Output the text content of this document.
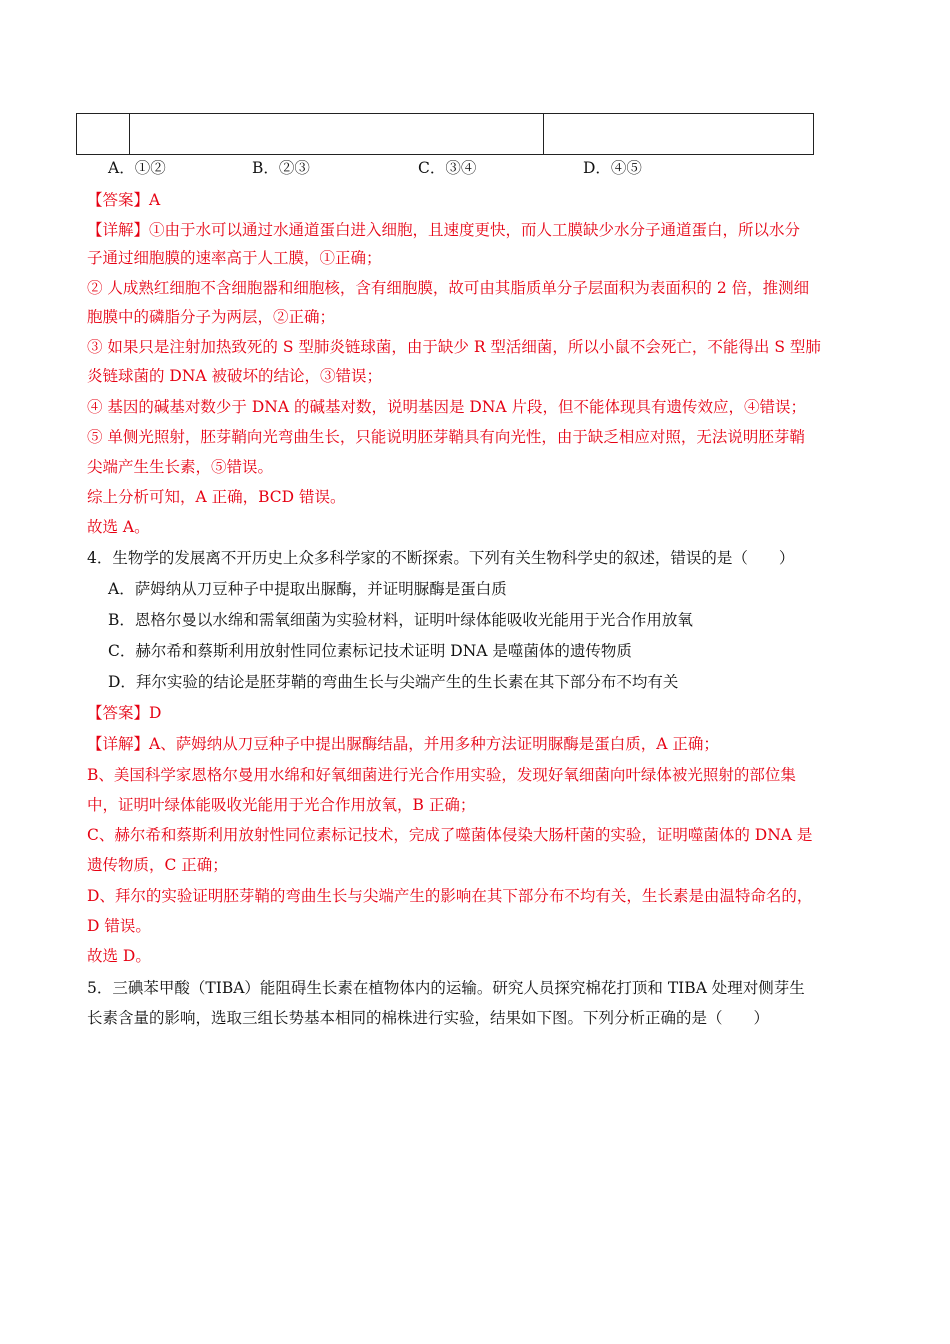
A．①②	B．②③	C．③④	D．④⑤
【答案】A
【详解】①由于水可以通过水通道蛋白进入细胞，且速度更快，而人工膜缺少水分子通道蛋白，所以水分
子通过细胞膜的速率高于人工膜，①正确；
② 人成熟红细胞不含细胞器和细胞核，含有细胞膜，故可由其脂质单分子层面积为表面积的 2 倍，推测细
胞膜中的磷脂分子为两层，②正确；
③ 如果只是注射加热致死的 S 型肺炎链球菌，由于缺少 R 型活细菌，所以小鼠不会死亡，不能得出 S 型肺
炎链球菌的 DNA 被破坏的结论，③错误；
④ 基因的碱基对数少于 DNA 的碱基对数，说明基因是 DNA 片段，但不能体现具有遗传效应，④错误；
⑤ 单侧光照射，胚芽鞘向光弯曲生长，只能说明胚芽鞘具有向光性，由于缺乏相应对照，无法说明胚芽鞘
尖端产生生长素，⑤错误。
综上分析可知，A 正确，BCD 错误。
故选 A。
4．生物学的发展离不开历史上众多科学家的不断探索。下列有关生物科学史的叙述，错误的是（　　）
A．萨姆纳从刀豆种子中提取出脲酶，并证明脲酶是蛋白质
B．恩格尔曼以水绵和需氧细菌为实验材料，证明叶绿体能吸收光能用于光合作用放氧
C．赫尔希和蔡斯利用放射性同位素标记技术证明 DNA 是噬菌体的遗传物质
D．拜尔实验的结论是胚芽鞘的弯曲生长与尖端产生的生长素在其下部分布不均有关
【答案】D
【详解】A、萨姆纳从刀豆种子中提出脲酶结晶，并用多种方法证明脲酶是蛋白质，A 正确；
B、美国科学家恩格尔曼用水绵和好氧细菌进行光合作用实验，发现好氧细菌向叶绿体被光照射的部位集
中，证明叶绿体能吸收光能用于光合作用放氧，B 正确；
C、赫尔希和蔡斯利用放射性同位素标记技术，完成了噬菌体侵染大肠杆菌的实验，证明噬菌体的 DNA 是
遗传物质，C 正确；
D、拜尔的实验证明胚芽鞘的弯曲生长与尖端产生的影响在其下部分布不均有关，生长素是由温特命名的，
D 错误。
故选 D。
5．三碘苯甲酸（TIBA）能阻碍生长素在植物体内的运输。研究人员探究棉花打顶和 TIBA 处理对侧芽生
长素含量的影响，选取三组长势基本相同的棉株进行实验，结果如下图。下列分析正确的是（　　）
